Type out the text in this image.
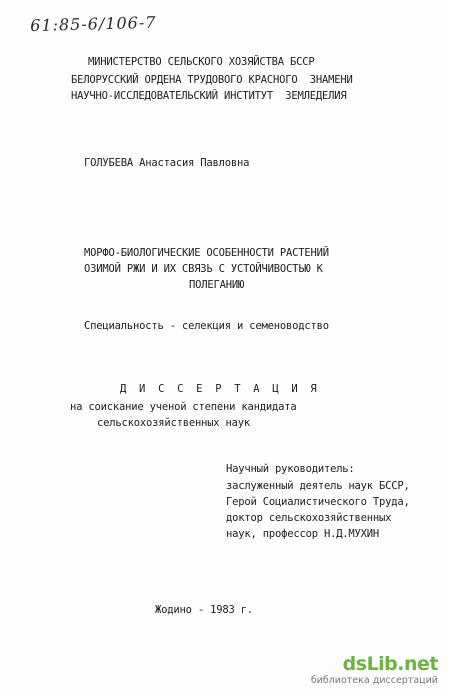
61:85-6/106-7
МИНИСТЕРСТВО СЕЛЬСКОГО ХОЗЯЙСТВА БССР
БЕЛОРУССКИЙ ОРДЕНА ТРУДОВОГО КРАСНОГО  ЗНАМЕНИ
НАУЧНО-ИССЛЕДОВАТЕЛЬСКИЙ ИНСТИТУТ  ЗЕМЛЕДЕЛИЯ
ГОЛУБЕВА Анастасия Павловна
МОРФО-БИОЛОГИЧЕСКИЕ ОСОБЕННОСТИ РАСТЕНИЙ
ОЗИМОЙ РЖИ И ИХ СВЯЗЬ С УСТОЙЧИВОСТЬЮ К
ПОЛЕГАНИЮ
Специальность - селекция и семеноводство
Д И С С Е Р Т А Ц И Я
на соискание ученой степени кандидата
сельскохозяйственных наук
Научный руководитель:
заслуженный деятель наук БССР,
Герой Социалистического Труда,
доктор сельскохозяйственных
наук, профессор Н.Д.МУХИН
Жодино - 1983 г.
dsLib.net
библиотека диссертаций
